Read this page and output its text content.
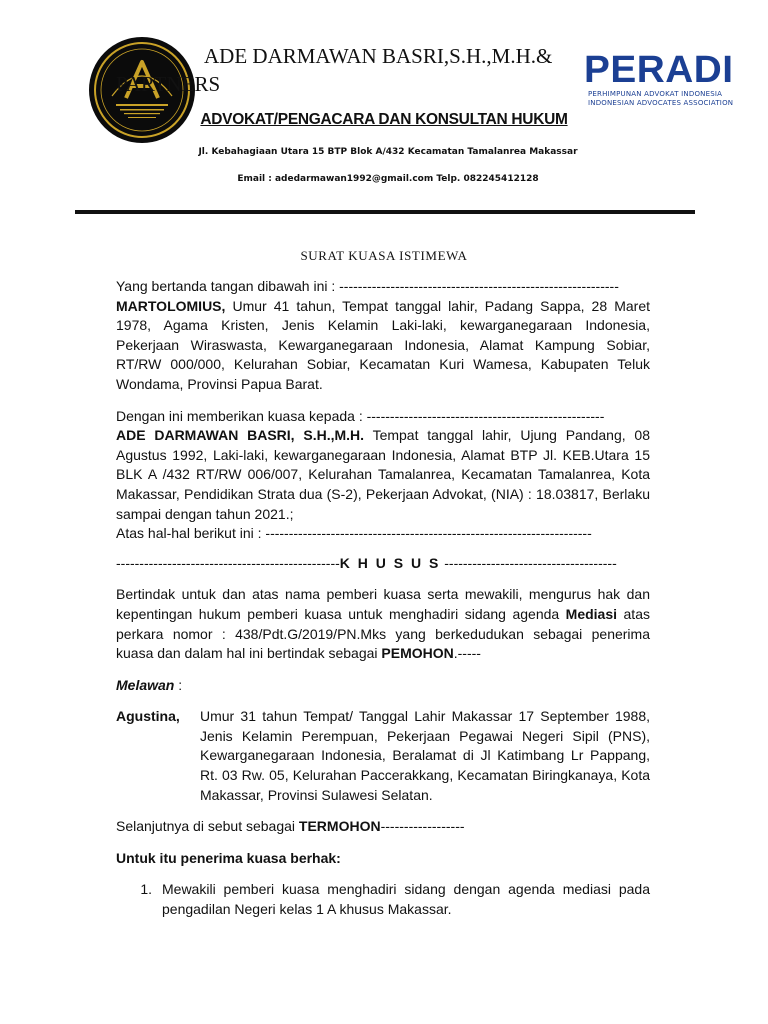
ADE DARMAWAN BASRI,S.H.,M.H.&
PARTNERS
ADVOKAT/PENGACARA DAN KONSULTAN HUKUM
Jl. Kebahagiaan Utara 15 BTP Blok A/432 Kecamatan Tamalanrea Makassar
Email : adedarmawan1992@gmail.com Telp. 082245412128
PERADI
PERHIMPUNAN ADVOKAT INDONESIA
INDONESIAN ADVOCATES ASSOCIATION
SURAT KUASA ISTIMEWA
Yang bertanda tangan dibawah ini : ------------------------------------------------------------

MARTOLOMIUS, Umur 41 tahun, Tempat tanggal lahir, Padang Sappa, 28 Maret 1978, Agama Kristen, Jenis Kelamin Laki-laki, kewarganegaraan Indonesia, Pekerjaan Wiraswasta, Kewarganegaraan Indonesia, Alamat Kampung Sobiar, RT/RW 000/000, Kelurahan Sobiar, Kecamatan Kuri Wamesa, Kabupaten Teluk Wondama, Provinsi Papua Barat.

Dengan ini memberikan kuasa kepada : ---------------------------------------------------

ADE DARMAWAN BASRI, S.H.,M.H. Tempat tanggal lahir, Ujung Pandang, 08 Agustus 1992, Laki-laki, kewarganegaraan Indonesia, Alamat BTP Jl. KEB.Utara 15 BLK A /432 RT/RW 006/007, Kelurahan Tamalanrea, Kecamatan Tamalanrea, Kota Makassar, Pendidikan Strata dua (S-2), Pekerjaan Advokat, (NIA) : 18.03817, Berlaku sampai dengan tahun 2021.;

Atas hal-hal berikut ini : ----------------------------------------------------------------------
------------------------------------------------K H U S U S -------------------------------------

Bertindak untuk dan atas nama pemberi kuasa serta mewakili, mengurus hak dan kepentingan hukum pemberi kuasa untuk menghadiri sidang agenda Mediasi atas perkara nomor : 438/Pdt.G/2019/PN.Mks yang berkedudukan sebagai penerima kuasa dan dalam hal ini bertindak sebagai PEMOHON.-----

Melawan :
Agustina,	Umur 31 tahun Tempat/ Tanggal Lahir Makassar 17 September 1988, Jenis Kelamin Perempuan, Pekerjaan Pegawai Negeri Sipil (PNS), Kewarganegaraan Indonesia, Beralamat di Jl Katimbang Lr Pappang, Rt. 03 Rw. 05, Kelurahan Paccerakkang, Kecamatan Biringkanaya, Kota Makassar, Provinsi Sulawesi Selatan.
Selanjutnya di sebut sebagai TERMOHON------------------
Untuk itu penerima kuasa berhak:
1. Mewakili pemberi kuasa menghadiri sidang dengan agenda mediasi pada pengadilan Negeri kelas 1 A khusus Makassar.
